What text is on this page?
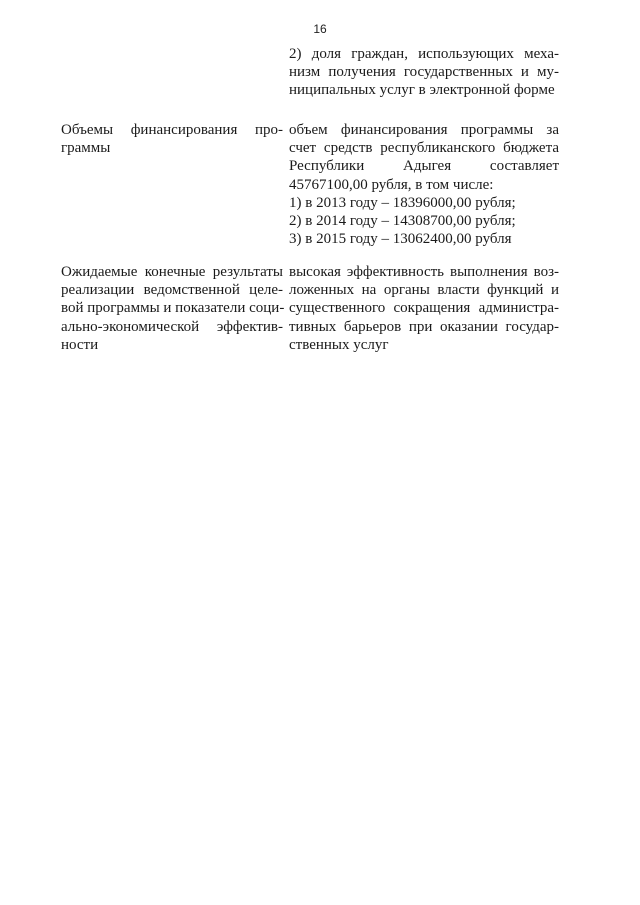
16
2) доля граждан, использующих меха-
низм получения государственных и му-
ниципальных услуг в электронной форме
Объемы финансирования про-
граммы
объем финансирования программы за
счет средств республиканского бюджета
Республики Адыгея составляет
45767100,00 рубля, в том числе:
1) в 2013 году – 18396000,00 рубля;
2) в 2014 году – 14308700,00 рубля;
3) в 2015 году – 13062400,00 рубля
Ожидаемые конечные результаты
реализации ведомственной целе-
вой программы и показатели соци-
ально-экономической эффектив-
ности
высокая эффективность выполнения воз-
ложенных на органы власти функций и
существенного сокращения администра-
тивных барьеров при оказании государ-
ственных услуг
